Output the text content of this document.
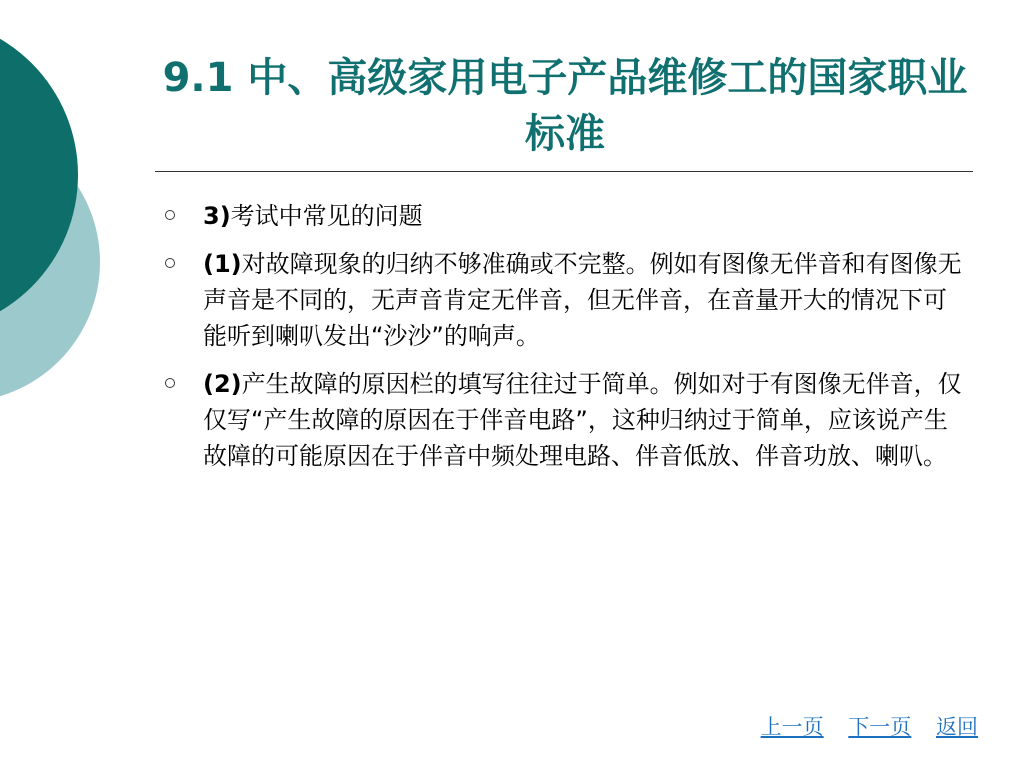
9.1 中、高级家用电子产品维修工的国家职业标准
3)考试中常见的问题
(1)对故障现象的归纳不够准确或不完整。例如有图像无伴音和有图像无声音是不同的，无声音肯定无伴音，但无伴音，在音量开大的情况下可能听到喇叭发出“沙沙”的响声。
(2)产生故障的原因栏的填写往往过于简单。例如对于有图像无伴音，仅仅写“产生故障的原因在于伴音电路”，这种归纳过于简单，应该说产生故障的可能原因在于伴音中频处理电路、伴音低放、伴音功放、喇叭。
上一页 下一页 返回
